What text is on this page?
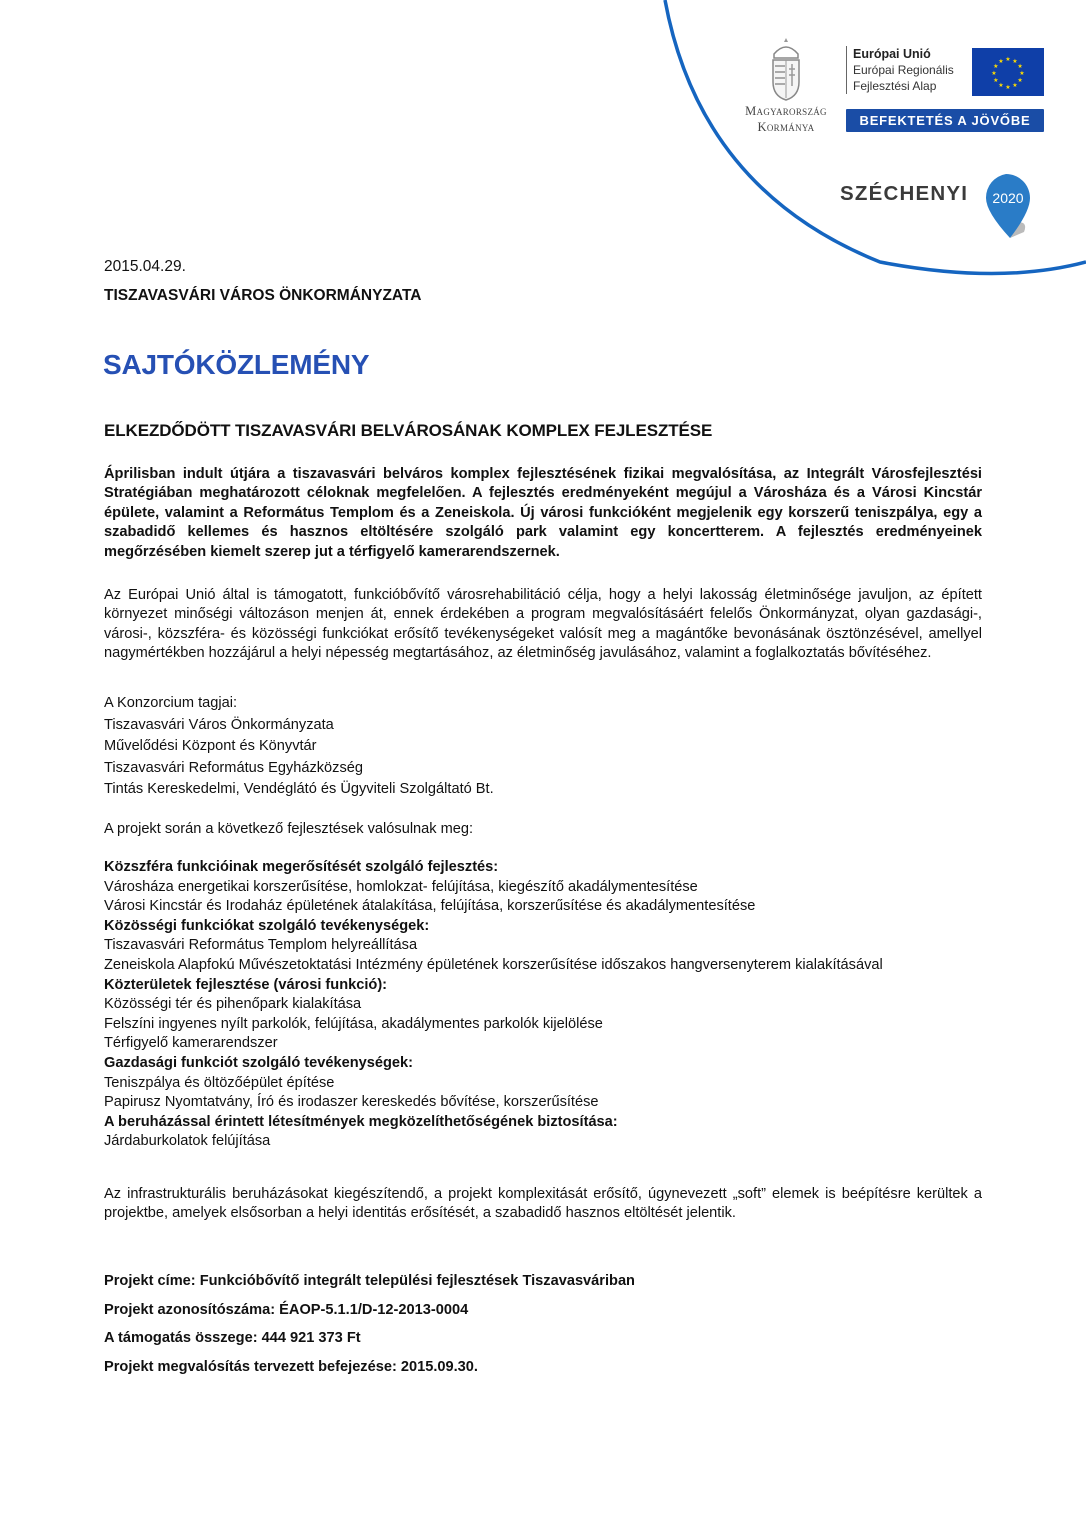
Magyarország
Kormánya
Európai Unió
Európai Regionális
Fejlesztési Alap
★
★
★
★
★
★
★
★
★ ★ ★
★
BEFEKTETÉS A JÖVŐBE
SZÉCHENYI 2020
2015.04.29.
TISZAVASVÁRI VÁROS ÖNKORMÁNYZATA
SAJTÓKÖZLEMÉNY
ELKEZDŐDÖTT TISZAVASVÁRI BELVÁROSÁNAK KOMPLEX FEJLESZTÉSE
Áprilisban indult útjára a tiszavasvári belváros komplex fejlesztésének fizikai megvalósítása, az Integrált Városfejlesztési Stratégiában meghatározott céloknak megfelelően. A fejlesztés eredményeként megújul a Városháza és a Városi Kincstár épülete, valamint a Református Templom és a Zeneiskola. Új városi funkcióként megjelenik egy korszerű teniszpálya, egy a szabadidő kellemes és hasznos eltöltésére szolgáló park valamint egy koncertterem. A fejlesztés eredményeinek megőrzésében kiemelt szerep jut a térfigyelő kamerarendszernek.
Az Európai Unió által is támogatott, funkcióbővítő városrehabilitáció célja, hogy a helyi lakosság életminősége javuljon, az épített környezet minőségi változáson menjen át, ennek érdekében a program megvalósításáért felelős Önkormányzat, olyan gazdasági-, városi-, közszféra- és közösségi funkciókat erősítő tevékenységeket valósít meg a magántőke bevonásának ösztönzésével, amellyel nagymértékben hozzájárul a helyi népesség megtartásához, az életminőség javulásához, valamint a foglalkoztatás bővítéséhez.
A Konzorcium tagjai:
Tiszavasvári Város Önkormányzata
Művelődési Központ és Könyvtár
Tiszavasvári Református Egyházközség
Tintás Kereskedelmi, Vendéglátó és Ügyviteli Szolgáltató Bt.
A projekt során a következő fejlesztések valósulnak meg:
Közszféra funkcióinak megerősítését szolgáló fejlesztés:
Városháza energetikai korszerűsítése, homlokzat- felújítása, kiegészítő akadálymentesítése
Városi Kincstár és Irodaház épületének átalakítása, felújítása, korszerűsítése és akadálymentesítése
Közösségi funkciókat szolgáló tevékenységek:
Tiszavasvári Református Templom helyreállítása
Zeneiskola Alapfokú Művészetoktatási Intézmény épületének korszerűsítése időszakos hangversenyterem kialakításával
Közterületek fejlesztése (városi funkció):
Közösségi tér és pihenőpark kialakítása
Felszíni ingyenes nyílt parkolók, felújítása, akadálymentes parkolók kijelölése
Térfigyelő kamerarendszer
Gazdasági funkciót szolgáló tevékenységek:
Teniszpálya és öltözőépület építése
Papirusz Nyomtatvány, Író és irodaszer kereskedés bővítése, korszerűsítése
A beruházással érintett létesítmények megközelíthetőségének biztosítása:
Járdaburkolatok felújítása
Az infrastrukturális beruházásokat kiegészítendő, a projekt komplexitását erősítő, úgynevezett „soft” elemek is beépítésre kerültek a projektbe, amelyek elsősorban a helyi identitás erősítését, a szabadidő hasznos eltöltését jelentik.
Projekt címe: Funkcióbővítő integrált települési fejlesztések Tiszavasváriban
Projekt azonosítószáma: ÉAOP-5.1.1/D-12-2013-0004
A támogatás összege: 444 921 373 Ft
Projekt megvalósítás tervezett befejezése: 2015.09.30.
